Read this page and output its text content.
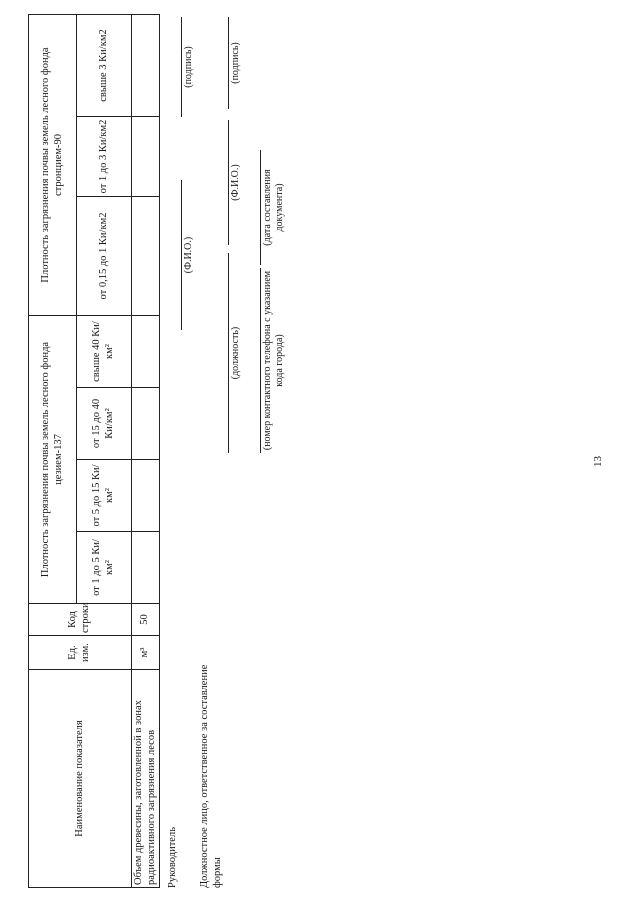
Наименование показателя	Ед. изм.	Код строки	Плотность загрязнения почвы земель лесного фонда цезием-137				Плотность загрязнения почвы земель лесного фонда стронцием-90		
			от 1 до 5 Ки/км²	от 5 до 15 Ки/км²	от 15 до 40 Ки/км²	свыше 40 Ки/км²	от 0,15 до 1 Ки/км2	от 1 до 3 Ки/км2	свыше 3 Ки/км2
Объем древесины, заготовленной в зонах радиоактивного загрязнения лесов	м³	50							
Руководитель
(Ф.И.О.)
(подпись)
Должностное лицо, ответственное за составление формы
(должность)
(Ф.И.О.)
(подпись)
(номер контактного телефона с указанием кода города)
(дата составления документа)
13
